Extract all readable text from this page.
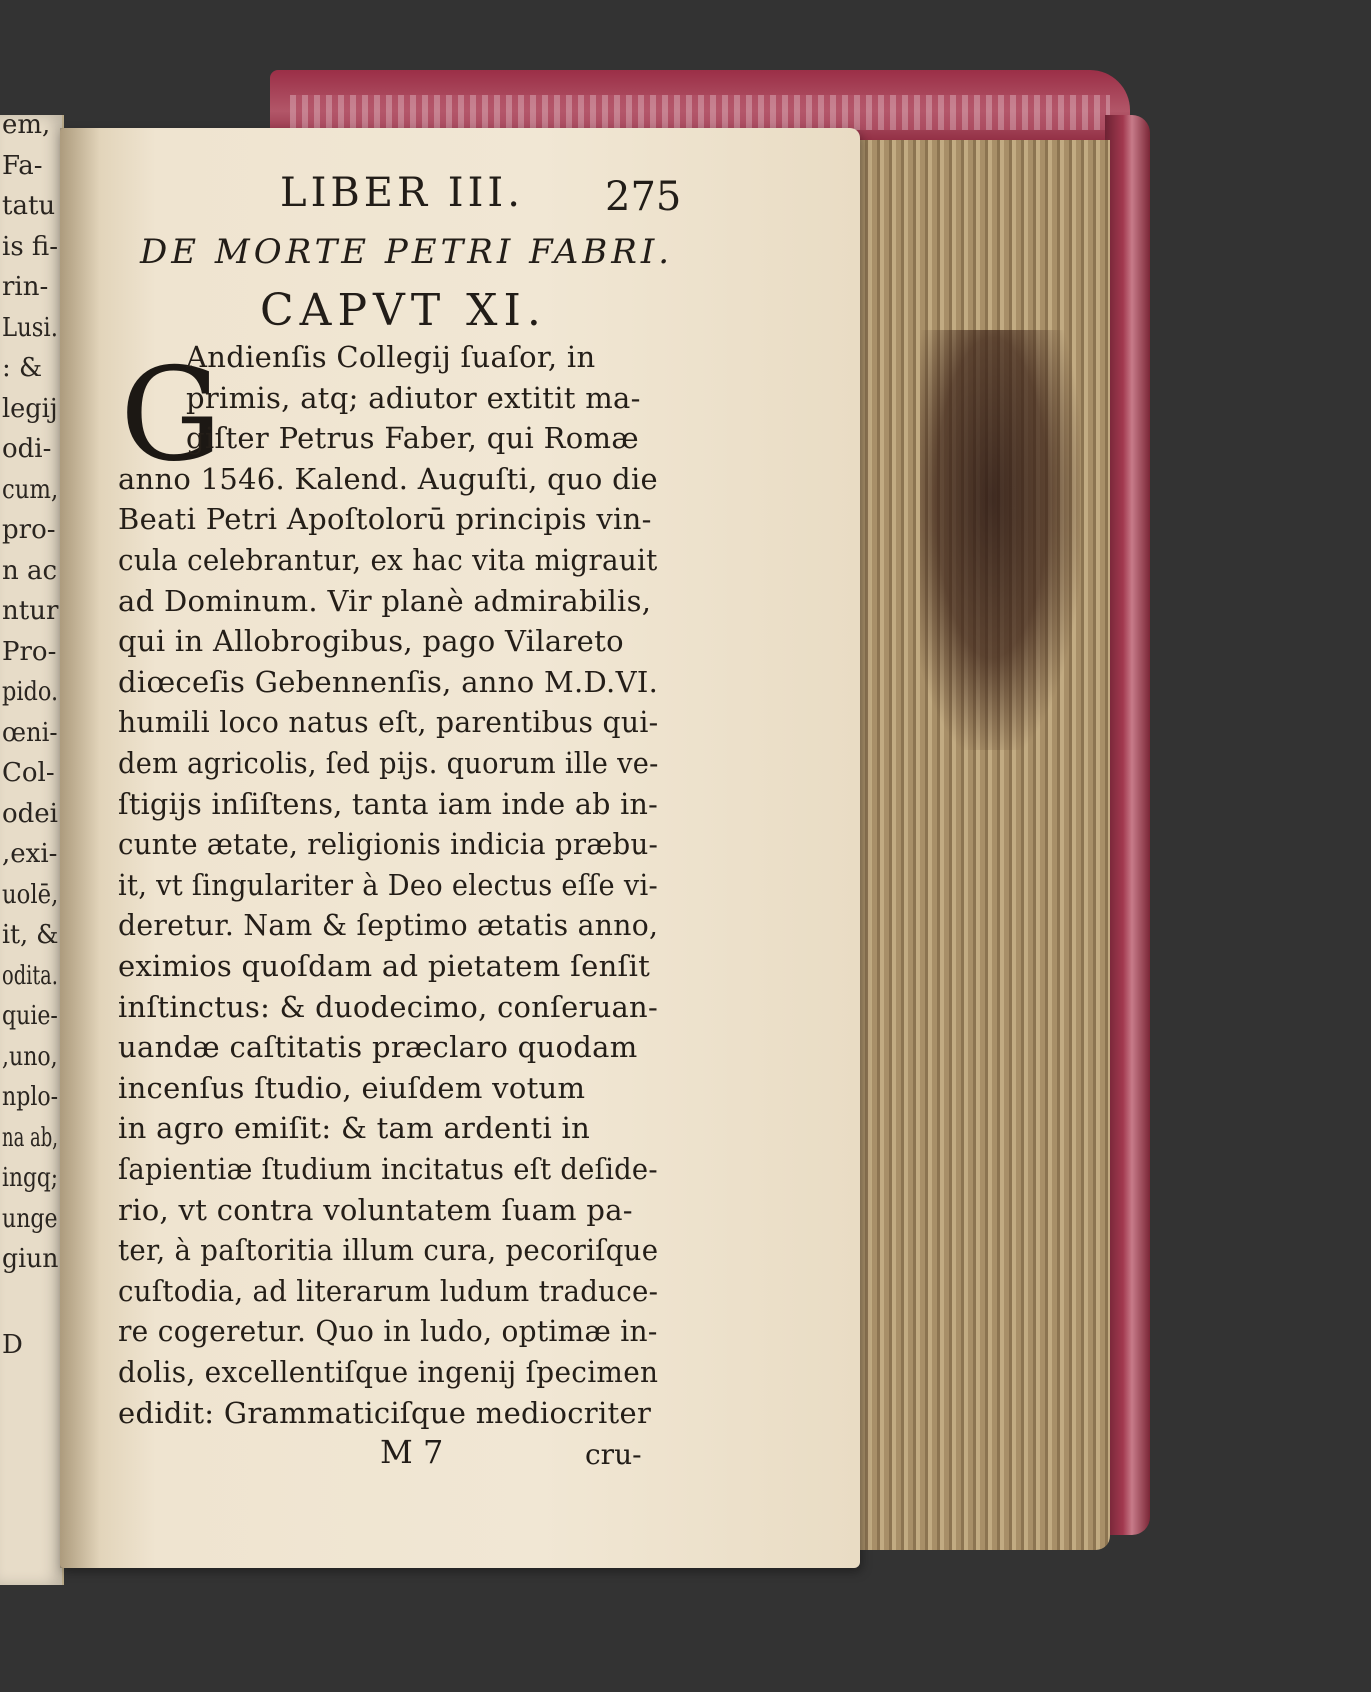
em,
Fa-
tatu
is fi-
rin-
Lusi.
: &
legij
odi-
cum,
pro-
n ac
ntur
Pro-
pido.
œni-
Col-
odei
,exi-
uolē,
it, &
odita.
quie-
,uno,
nplo-
na ab,
ingq;
unge
giun
D
LIBER III. 275
DE MORTE PETRI FABRI.
CAPVT XI.
G
Andienſis Collegij ſuaſor, in
primis, atq; adiutor extitit ma-
giſter Petrus Faber, qui Romæ
anno 1546. Kalend. Auguſti, quo die
Beati Petri Apoſtolorū principis vin-
cula celebrantur, ex hac vita migrauit
ad Dominum. Vir planè admirabilis,
qui in Allobrogibus, pago Vilareto
diœceſis Gebennenſis, anno M.D.VI.
humili loco natus eſt, parentibus qui-
dem agricolis, ſed pijs. quorum ille ve-
ſtigijs inſiſtens, tanta iam inde ab in-
cunte ætate, religionis indicia præbu-
it, vt ſingulariter à Deo electus eſſe vi-
deretur. Nam & ſeptimo ætatis anno,
eximios quoſdam ad pietatem ſenſit
inſtinctus: & duodecimo, conſeruan-
uandæ caſtitatis præclaro quodam
incenſus ſtudio, eiuſdem votum
in agro emiſit: & tam ardenti in
ſapientiæ ſtudium incitatus eſt deſide-
rio, vt contra voluntatem ſuam pa-
ter, à paſtoritia illum cura, pecoriſque
cuſtodia, ad literarum ludum traduce-
re cogeretur. Quo in ludo, optimæ in-
dolis, excellentiſque ingenij ſpecimen
edidit: Grammaticiſque mediocriter
M 7	cru-
